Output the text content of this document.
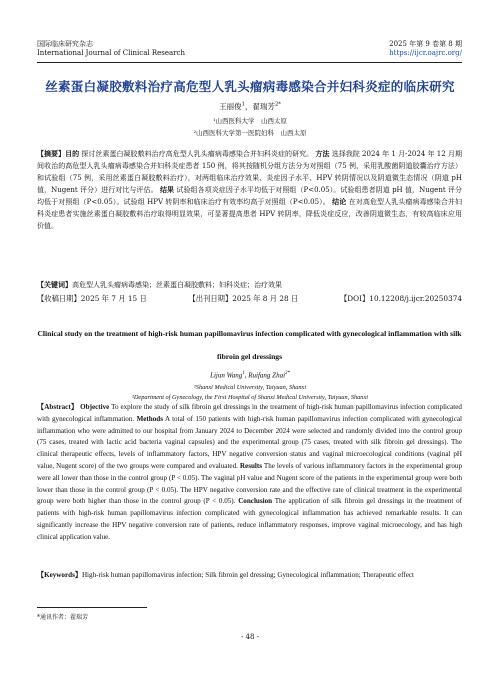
国际临床研究杂志
International Journal of Clinical Research
2025 年第 9 卷第 8 期
https://ijcr.oajrc.org/
丝素蛋白凝胶敷料治疗高危型人乳头瘤病毒感染合并妇科炎症的临床研究
王丽俊$^1$，翟瑞芳$^{2*}$
¹山西医科大学　山西太原
²山西医科大学第一医院妇科　山西太原
【摘要】目的 探讨丝素蛋白凝胶敷料治疗高危型人乳头瘤病毒感染合并妇科炎症的研究。 方法 选择我院 2024 年 1 月-2024 年 12 月期间收治的高危型人乳头瘤病毒感染合并妇科炎症患者 150 例，将其按随机分组方法分为对照组（75 例，采用乳酸菌阴道胶囊治疗方法）和试验组（75 例，采用丝素蛋白凝胶敷料治疗），对两组临床治疗效果、炎症因子水平、HPV 转阴情况以及阴道微生态情况（阴道 pH 值，Nugent 评分）进行对比与评估。 结果 试验组各项炎症因子水平均低于对照组（P<0.05）。试验组患者阴道 pH 值，Nugent 评分均低于对照组（P<0.05）。试验组 HPV 转阴率和临床治疗有效率均高于对照组（P<0.05）。 结论 在对高危型人乳头瘤病毒感染合并妇科炎症患者实施丝素蛋白凝胶敷料治疗取得明显效果，可显著提高患者 HPV 转阴率，降低炎症反应，改善阴道微生态，有较高临床应用价值。
【关键词】高危型人乳头瘤病毒感染；丝素蛋白凝胶敷料；妇科炎症；治疗效果
【收稿日期】2025 年 7 月 15 日	【出刊日期】2025 年 8 月 28 日	【DOI】10.12208/j.ijcr.20250374
Clinical study on the treatment of high-risk human papillomavirus infection complicated with gynecological inflammation with silk fibroin gel dressings
Lijun Wang$^1$, Ruifang Zhai$^{2*}$
¹Shanxi Medical University, Taiyuan, Shanxi
²Department of Gynecology, the First Hospital of Shanxi Medical University, Taiyuan, Shanxi
【Abstract】 Objective To explore the study of silk fibroin gel dressings in the treatment of high-risk human papillomavirus infection complicated with gynecological inflammation. Methods A total of 150 patients with high-risk human papillomavirus infection complicated with gynecological inflammation who were admitted to our hospital from January 2024 to December 2024 were selected and randomly divided into the control group (75 cases, treated with lactic acid bacteria vaginal capsules) and the experimental group (75 cases, treated with silk fibroin gel dressings). The clinical therapeutic effects, levels of inflammatory factors, HPV negative conversion status and vaginal microecological conditions (vaginal pH value, Nugent score) of the two groups were compared and evaluated. Results The levels of various inflammatory factors in the experimental group were all lower than those in the control group (P < 0.05). The vaginal pH value and Nugent score of the patients in the experimental group were both lower than those in the control group (P < 0.05). The HPV negative conversion rate and the effective rate of clinical treatment in the experimental group were both higher than those in the control group (P < 0.05). Conclusion The application of silk fibroin gel dressings in the treatment of patients with high-risk human papillomavirus infection complicated with gynecological inflammation has achieved remarkable results. It can significantly increase the HPV negative conversion rate of patients, reduce inflammatory responses, improve vaginal microecology, and has high clinical application value.
【Keywords】High-risk human papillomavirus infection; Silk fibroin gel dressing; Gynecological inflammation; Therapeutic effect
*通讯作者：翟瑞芳
- 48 -
